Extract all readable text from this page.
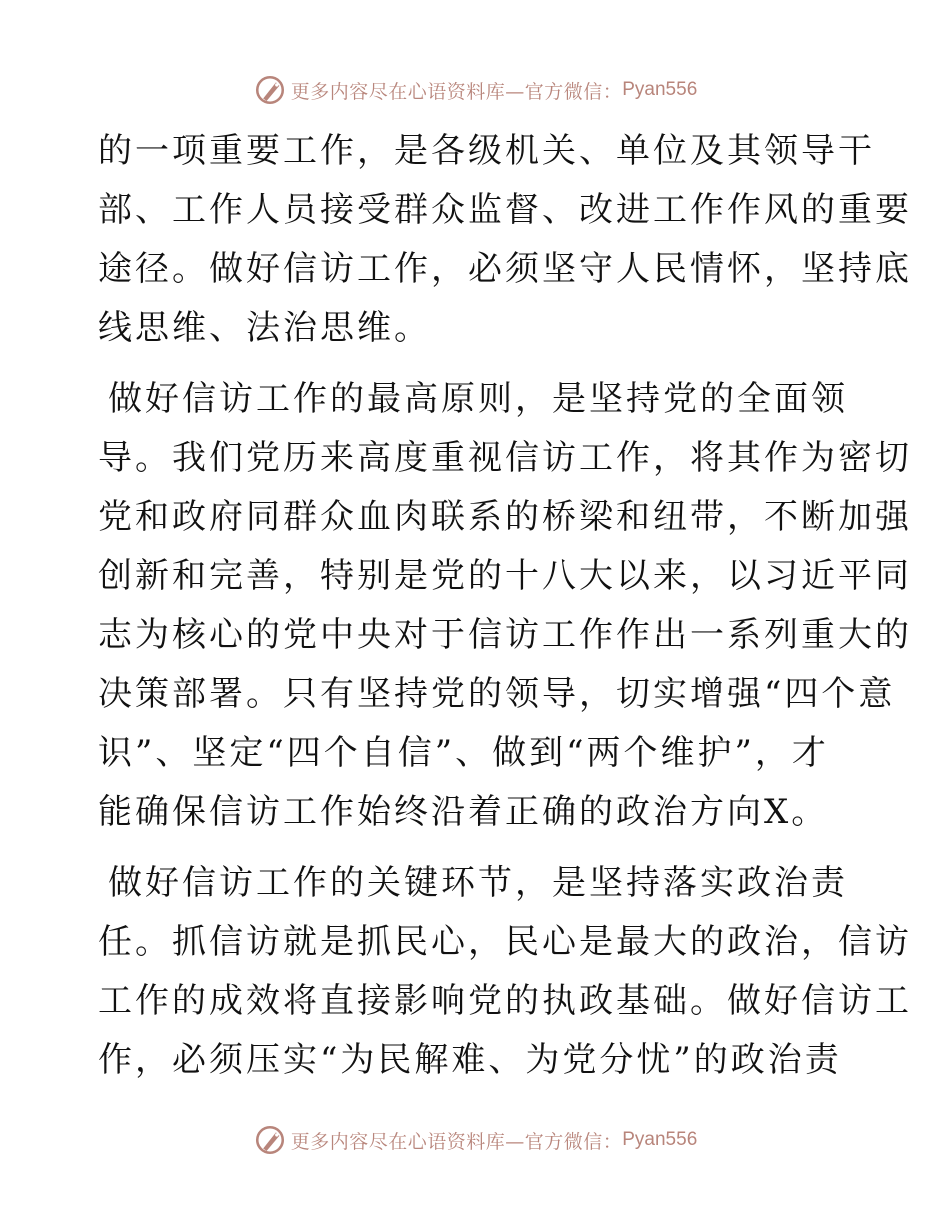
更多内容尽在心语资料库—官方微信： Pyan556
的一项重要工作，是各级机关、单位及其领导干
部、工作人员接受群众监督、改进工作作风的重要
途径。做好信访工作，必须坚守人民情怀，坚持底
线思维、法治思维。
做好信访工作的最高原则，是坚持党的全面领
导。我们党历来高度重视信访工作，将其作为密切
党和政府同群众血肉联系的桥梁和纽带，不断加强
创新和完善，特别是党的十八大以来，以习近平同
志为核心的党中央对于信访工作作出一系列重大的
决策部署。只有坚持党的领导，切实增强“四个意
识”、坚定“四个自信”、做到“两个维护”，才
能确保信访工作始终沿着正确的政治方向X。
做好信访工作的关键环节，是坚持落实政治责
任。抓信访就是抓民心，民心是最大的政治，信访
工作的成效将直接影响党的执政基础。做好信访工
作，必须压实“为民解难、为党分忧”的政治责
更多内容尽在心语资料库—官方微信： Pyan556
